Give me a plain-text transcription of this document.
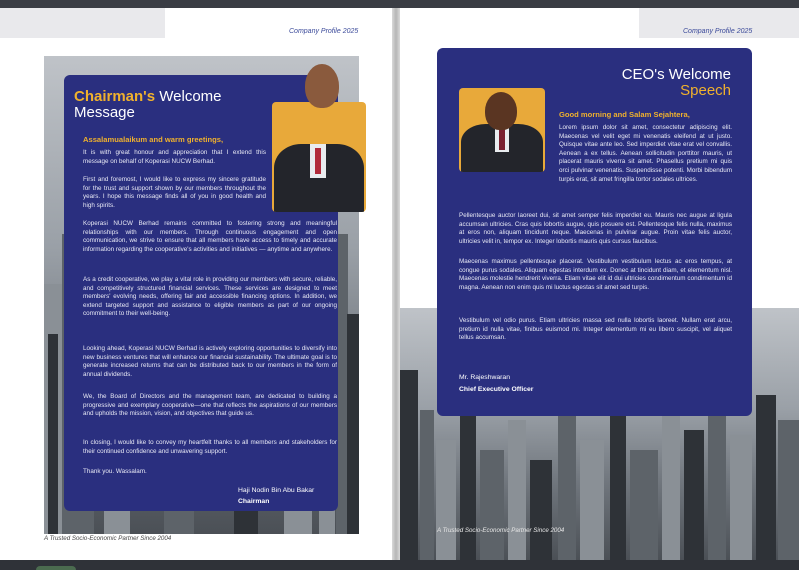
Company Profile 2025
Chairman's Welcome
Message
Assalamualaikum and warm greetings,
It is with great honour and appreciation that I extend this message on behalf of Koperasi NUCW Berhad.
First and foremost, I would like to express my sincere gratitude for the trust and support shown by our members throughout the years. I hope this message finds all of you in good health and high spirits.
Koperasi NUCW Berhad remains committed to fostering strong and meaningful relationships with our members. Through continuous engagement and open communication, we strive to ensure that all members have access to timely and accurate information regarding the cooperative's activities and initiatives — anytime and anywhere.
As a credit cooperative, we play a vital role in providing our members with secure, reliable, and competitively structured financial services. These services are designed to meet members' evolving needs, offering fair and accessible financing options. In addition, we extend targeted support and assistance to eligible members as part of our ongoing commitment to their well-being.
Looking ahead, Koperasi NUCW Berhad is actively exploring opportunities to diversify into new business ventures that will enhance our financial sustainability. The ultimate goal is to generate increased returns that can be distributed back to our members in the form of annual dividends.
We, the Board of Directors and the management team, are dedicated to building a progressive and exemplary cooperative—one that reflects the aspirations of our members and upholds the mission, vision, and objectives that guide us.
In closing, I would like to convey my heartfelt thanks to all members and stakeholders for their continued confidence and unwavering support.
Thank you. Wassalam.
Haji Nodin Bin Abu Bakar
Chairman
A Trusted Socio-Economic Partner Since 2004
Company Profile 2025
CEO's Welcome
Speech
Good morning and Salam Sejahtera,
Lorem ipsum dolor sit amet, consectetur adipiscing elit. Maecenas vel velit eget mi venenatis eleifend at ut justo. Quisque vitae ante leo. Sed imperdiet vitae erat vel convallis. Aenean a ex tellus. Aenean sollicitudin porttitor mauris, ut placerat mauris viverra sit amet. Phasellus pretium mi quis orci pulvinar venenatis. Suspendisse potenti. Morbi bibendum turpis erat, sit amet fringilla tortor sodales ultrices.
Pellentesque auctor laoreet dui, sit amet semper felis imperdiet eu. Mauris nec augue at ligula accumsan ultricies. Cras quis lobortis augue, quis posuere est. Pellentesque felis nulla, maximus at eros non, aliquam tincidunt neque. Maecenas in pulvinar augue. Proin vitae felis auctor, ultricies velit in, tempor ex. Integer lobortis mauris quis cursus faucibus.
Maecenas maximus pellentesque placerat. Vestibulum vestibulum lectus ac eros tempus, at congue purus sodales. Aliquam egestas interdum ex. Donec at tincidunt diam, et elementum nisl. Maecenas molestie hendrerit viverra. Etiam vitae elit id dui ultricies condimentum condimentum id magna. Aenean non enim quis mi luctus egestas sit amet sed turpis.
Vestibulum vel odio purus. Etiam ultricies massa sed nulla lobortis laoreet. Nullam erat arcu, pretium id nulla vitae, finibus euismod mi. Integer elementum mi eu libero suscipit, vel aliquet tellus accumsan.
Mr. Rajeshwaran
Chief Executive Officer
A Trusted Socio-Economic Partner Since 2004
